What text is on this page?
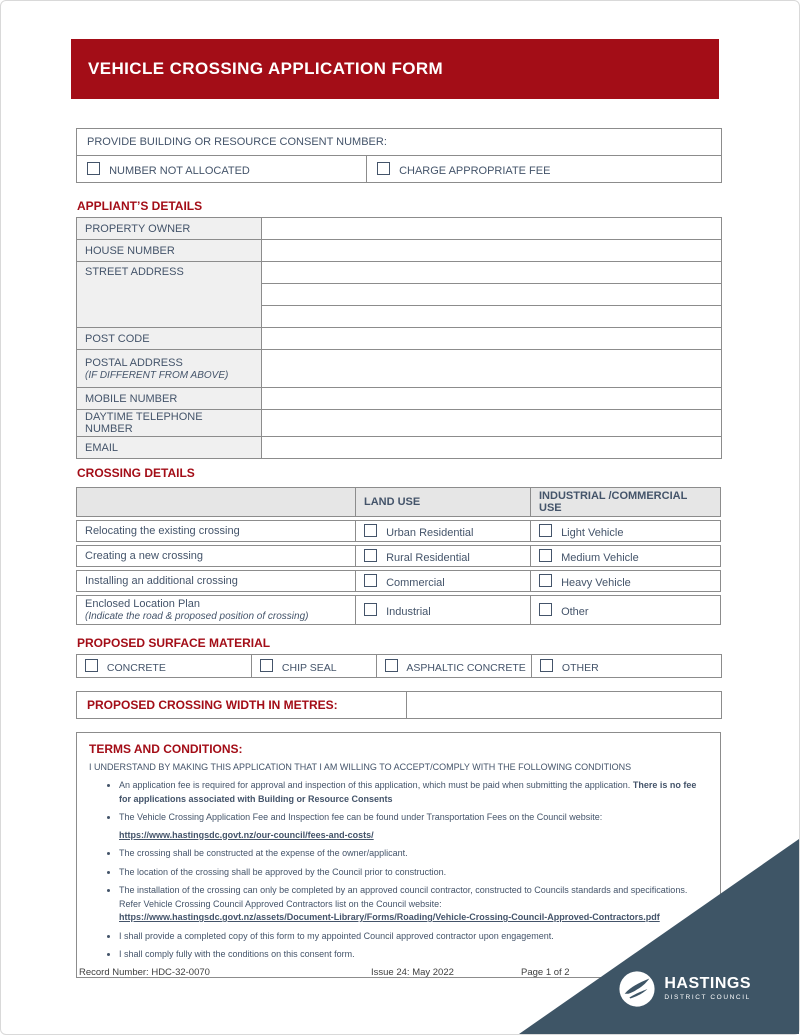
VEHICLE CROSSING APPLICATION FORM
PROVIDE BUILDING OR RESOURCE CONSENT NUMBER:
NUMBER NOT ALLOCATED	CHARGE APPROPRIATE FEE
APPLIANT’S DETAILS
PROPERTY OWNER	
HOUSE NUMBER	
STREET ADDRESS	

POST CODE	
POSTAL ADDRESS
(IF DIFFERENT FROM ABOVE)	
MOBILE NUMBER	
DAYTIME TELEPHONE NUMBER	
EMAIL	
CROSSING DETAILS
	LAND USE	INDUSTRIAL /COMMERCIAL USE
Relocating the existing crossing	Urban Residential	Light Vehicle
Creating a new crossing	Rural Residential	Medium Vehicle
Installing an additional crossing	Commercial	Heavy Vehicle
Enclosed Location Plan
(Indicate the road & proposed position of crossing)	Industrial	Other
PROPOSED SURFACE MATERIAL
CONCRETE	CHIP SEAL	ASPHALTIC CONCRETE	OTHER
PROPOSED CROSSING WIDTH IN METRES:	
TERMS AND CONDITIONS:

I UNDERSTAND BY MAKING THIS APPLICATION THAT I AM WILLING TO ACCEPT/COMPLY WITH THE FOLLOWING CONDITIONS

• An application fee is required for approval and inspection of this application, which must be paid when submitting the application. There is no fee for applications associated with Building or Resource Consents
• The Vehicle Crossing Application Fee and Inspection fee can be found under Transportation Fees on the Council website:
https://www.hastingsdc.govt.nz/our-council/fees-and-costs/
• The crossing shall be constructed at the expense of the owner/applicant.
• The location of the crossing shall be approved by the Council prior to construction.
• The installation of the crossing can only be completed by an approved council contractor, constructed to Councils standards and specifications. Refer Vehicle Crossing Council Approved Contractors list on the Council website:
https://www.hastingsdc.govt.nz/assets/Document-Library/Forms/Roading/Vehicle-Crossing-Council-Approved-Contractors.pdf
• I shall provide a completed copy of this form to my appointed Council approved contractor upon engagement.
• I shall comply fully with the conditions on this consent form.
Record Number: HDC-32-0070	Issue 24: May 2022	Page 1 of 2
HASTINGS
DISTRICT COUNCIL
